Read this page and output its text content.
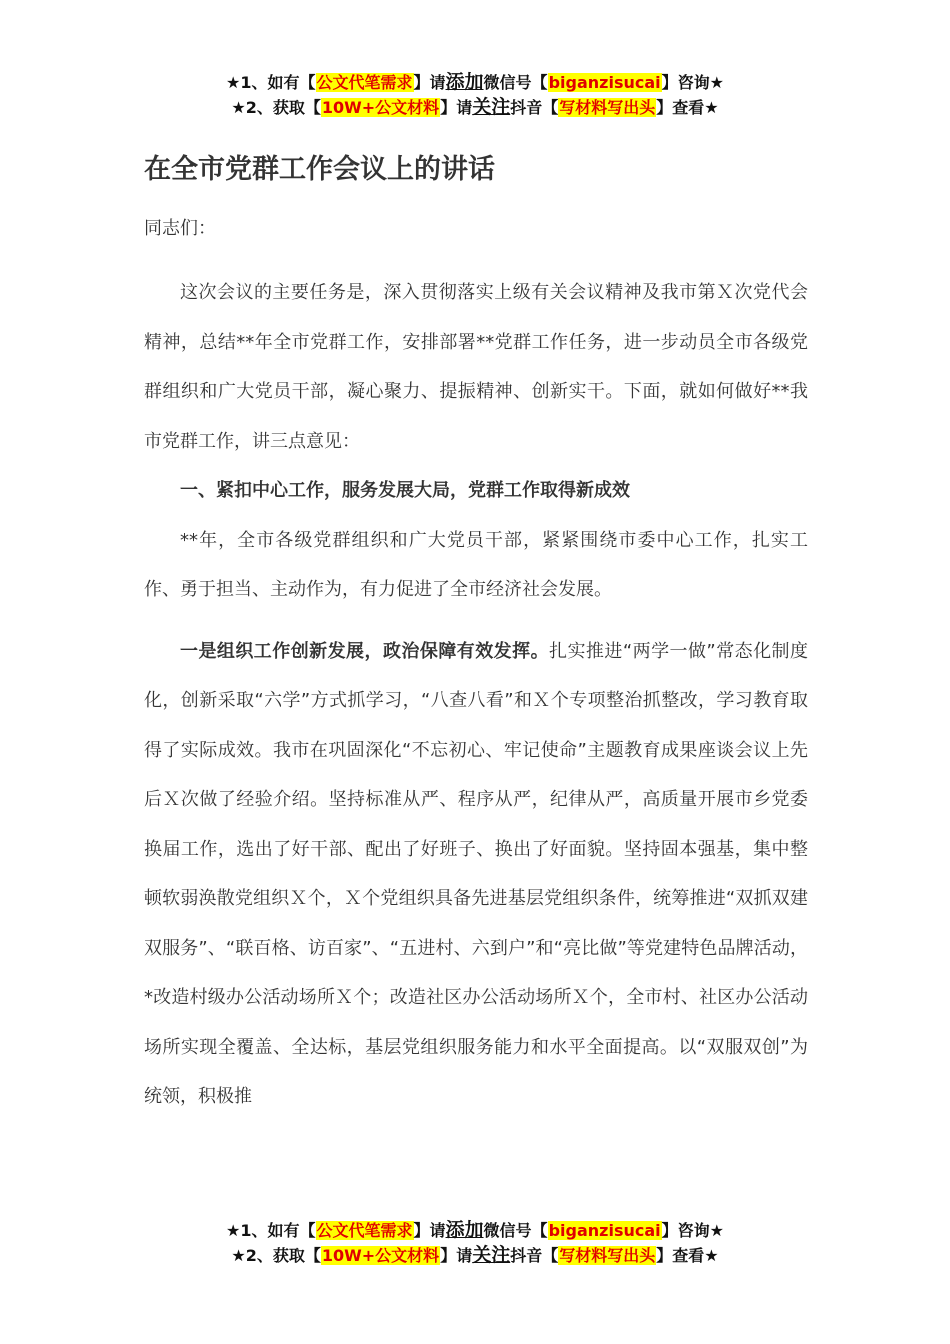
★1、如有【公文代笔需求】请添加微信号【biganzisucai】咨询★
★2、获取【10W+公文材料】请关注抖音【写材料写出头】查看★
在全市党群工作会议上的讲话

同志们：

这次会议的主要任务是，深入贯彻落实上级有关会议精神及我市第Ｘ次党代会精神，总结**年全市党群工作，安排部署**党群工作任务，进一步动员全市各级党群组织和广大党员干部，凝心聚力、提振精神、创新实干。下面，就如何做好**我市党群工作，讲三点意见：

一、紧扣中心工作，服务发展大局，党群工作取得新成效

**年，全市各级党群组织和广大党员干部，紧紧围绕市委中心工作，扎实工作、勇于担当、主动作为，有力促进了全市经济社会发展。

一是组织工作创新发展，政治保障有效发挥。扎实推进“两学一做”常态化制度化，创新采取“六学”方式抓学习，“八查八看”和Ｘ个专项整治抓整改，学习教育取得了实际成效。我市在巩固深化“不忘初心、牢记使命”主题教育成果座谈会议上先后Ｘ次做了经验介绍。坚持标准从严、程序从严，纪律从严，高质量开展市乡党委换届工作，选出了好干部、配出了好班子、换出了好面貌。坚持固本强基，集中整顿软弱涣散党组织Ｘ个，Ｘ个党组织具备先进基层党组织条件，统筹推进“双抓双建双服务”、“联百格、访百家”、“五进村、六到户”和“亮比做”等党建特色品牌活动，*改造村级办公活动场所Ｘ个；改造社区办公活动场所Ｘ个，全市村、社区办公活动场所实现全覆盖、全达标，基层党组织服务能力和水平全面提高。以“双服双创”为统领，积极推

★1、如有【公文代笔需求】请添加微信号【biganzisucai】咨询★
★2、获取【10W+公文材料】请关注抖音【写材料写出头】查看★
